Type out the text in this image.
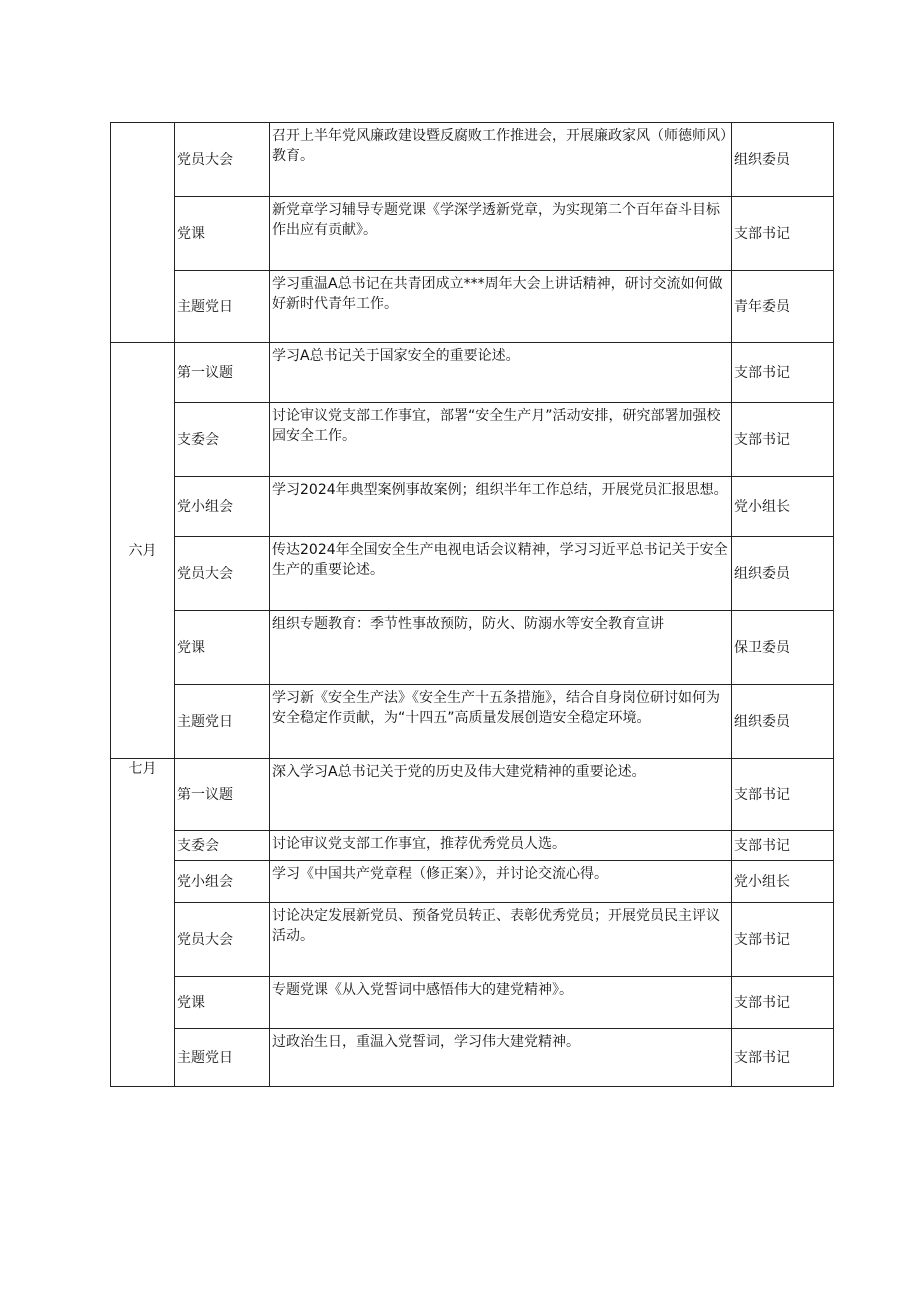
	党员大会	召开上半年党风廉政建设暨反腐败工作推进会，开展廉政家风（师德师风）教育。	组织委员
	党课	新党章学习辅导专题党课《学深学透新党章，为实现第二个百年奋斗目标作出应有贡献》。	支部书记
	主题党日	学习重温A总书记在共青团成立***周年大会上讲话精神，研讨交流如何做好新时代青年工作。	青年委员
六月	第一议题	学习A总书记关于国家安全的重要论述。	支部书记
	支委会	讨论审议党支部工作事宜，部署“安全生产月”活动安排，研究部署加强校园安全工作。	支部书记
	党小组会	学习2024年典型案例事故案例；组织半年工作总结，开展党员汇报思想。	党小组长
	党员大会	传达2024年全国安全生产电视电话会议精神，学习习近平总书记关于安全生产的重要论述。	组织委员
	党课	组织专题教育：季节性事故预防，防火、防溺水等安全教育宣讲	保卫委员
	主题党日	学习新《安全生产法》《安全生产十五条措施》，结合自身岗位研讨如何为安全稳定作贡献，为“十四五”高质量发展创造安全稳定环境。	组织委员
七月	第一议题	深入学习A总书记关于党的历史及伟大建党精神的重要论述。	支部书记
	支委会	讨论审议党支部工作事宜，推荐优秀党员人选。	支部书记
	党小组会	学习《中国共产党章程（修正案）》，并讨论交流心得。	党小组长
	党员大会	讨论决定发展新党员、预备党员转正、表彰优秀党员；开展党员民主评议活动。	支部书记
	党课	专题党课《从入党誓词中感悟伟大的建党精神》。	支部书记
	主题党日	过政治生日，重温入党誓词，学习伟大建党精神。	支部书记
